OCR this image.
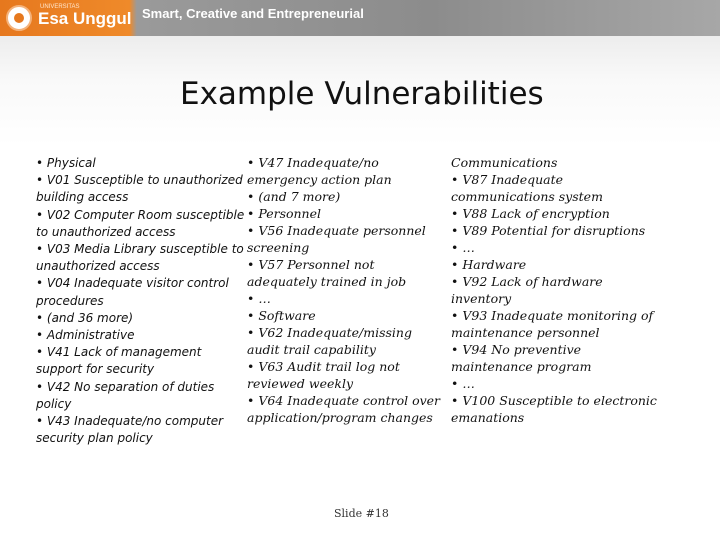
UNIVERSITAS
Esa Unggul Smart, Creative and Entrepreneurial
Example Vulnerabilities

• Physical

• V01 Susceptible to unauthorized building access

• V02 Computer Room susceptible to unauthorized access

• V03 Media Library susceptible to unauthorized access

• V04 Inadequate visitor control procedures

• (and 36 more)

• Administrative

• V41 Lack of management support for security

• V42 No separation of duties policy

• V43 Inadequate/no computer security plan policy

• V47 Inadequate/no emergency action plan

• (and 7 more)

• Personnel

• V56 Inadequate personnel screening

• V57 Personnel not adequately trained in job

• …

• Software

• V62 Inadequate/missing audit trail capability

• V63 Audit trail log not reviewed weekly

• V64 Inadequate control over application/program changes

Communications

• V87 Inadequate communications system

• V88 Lack of encryption

• V89 Potential for disruptions

• …

• Hardware

• V92 Lack of hardware inventory

• V93 Inadequate monitoring of maintenance personnel

• V94 No preventive maintenance program

• …

• V100 Susceptible to electronic emanations

Slide #18
